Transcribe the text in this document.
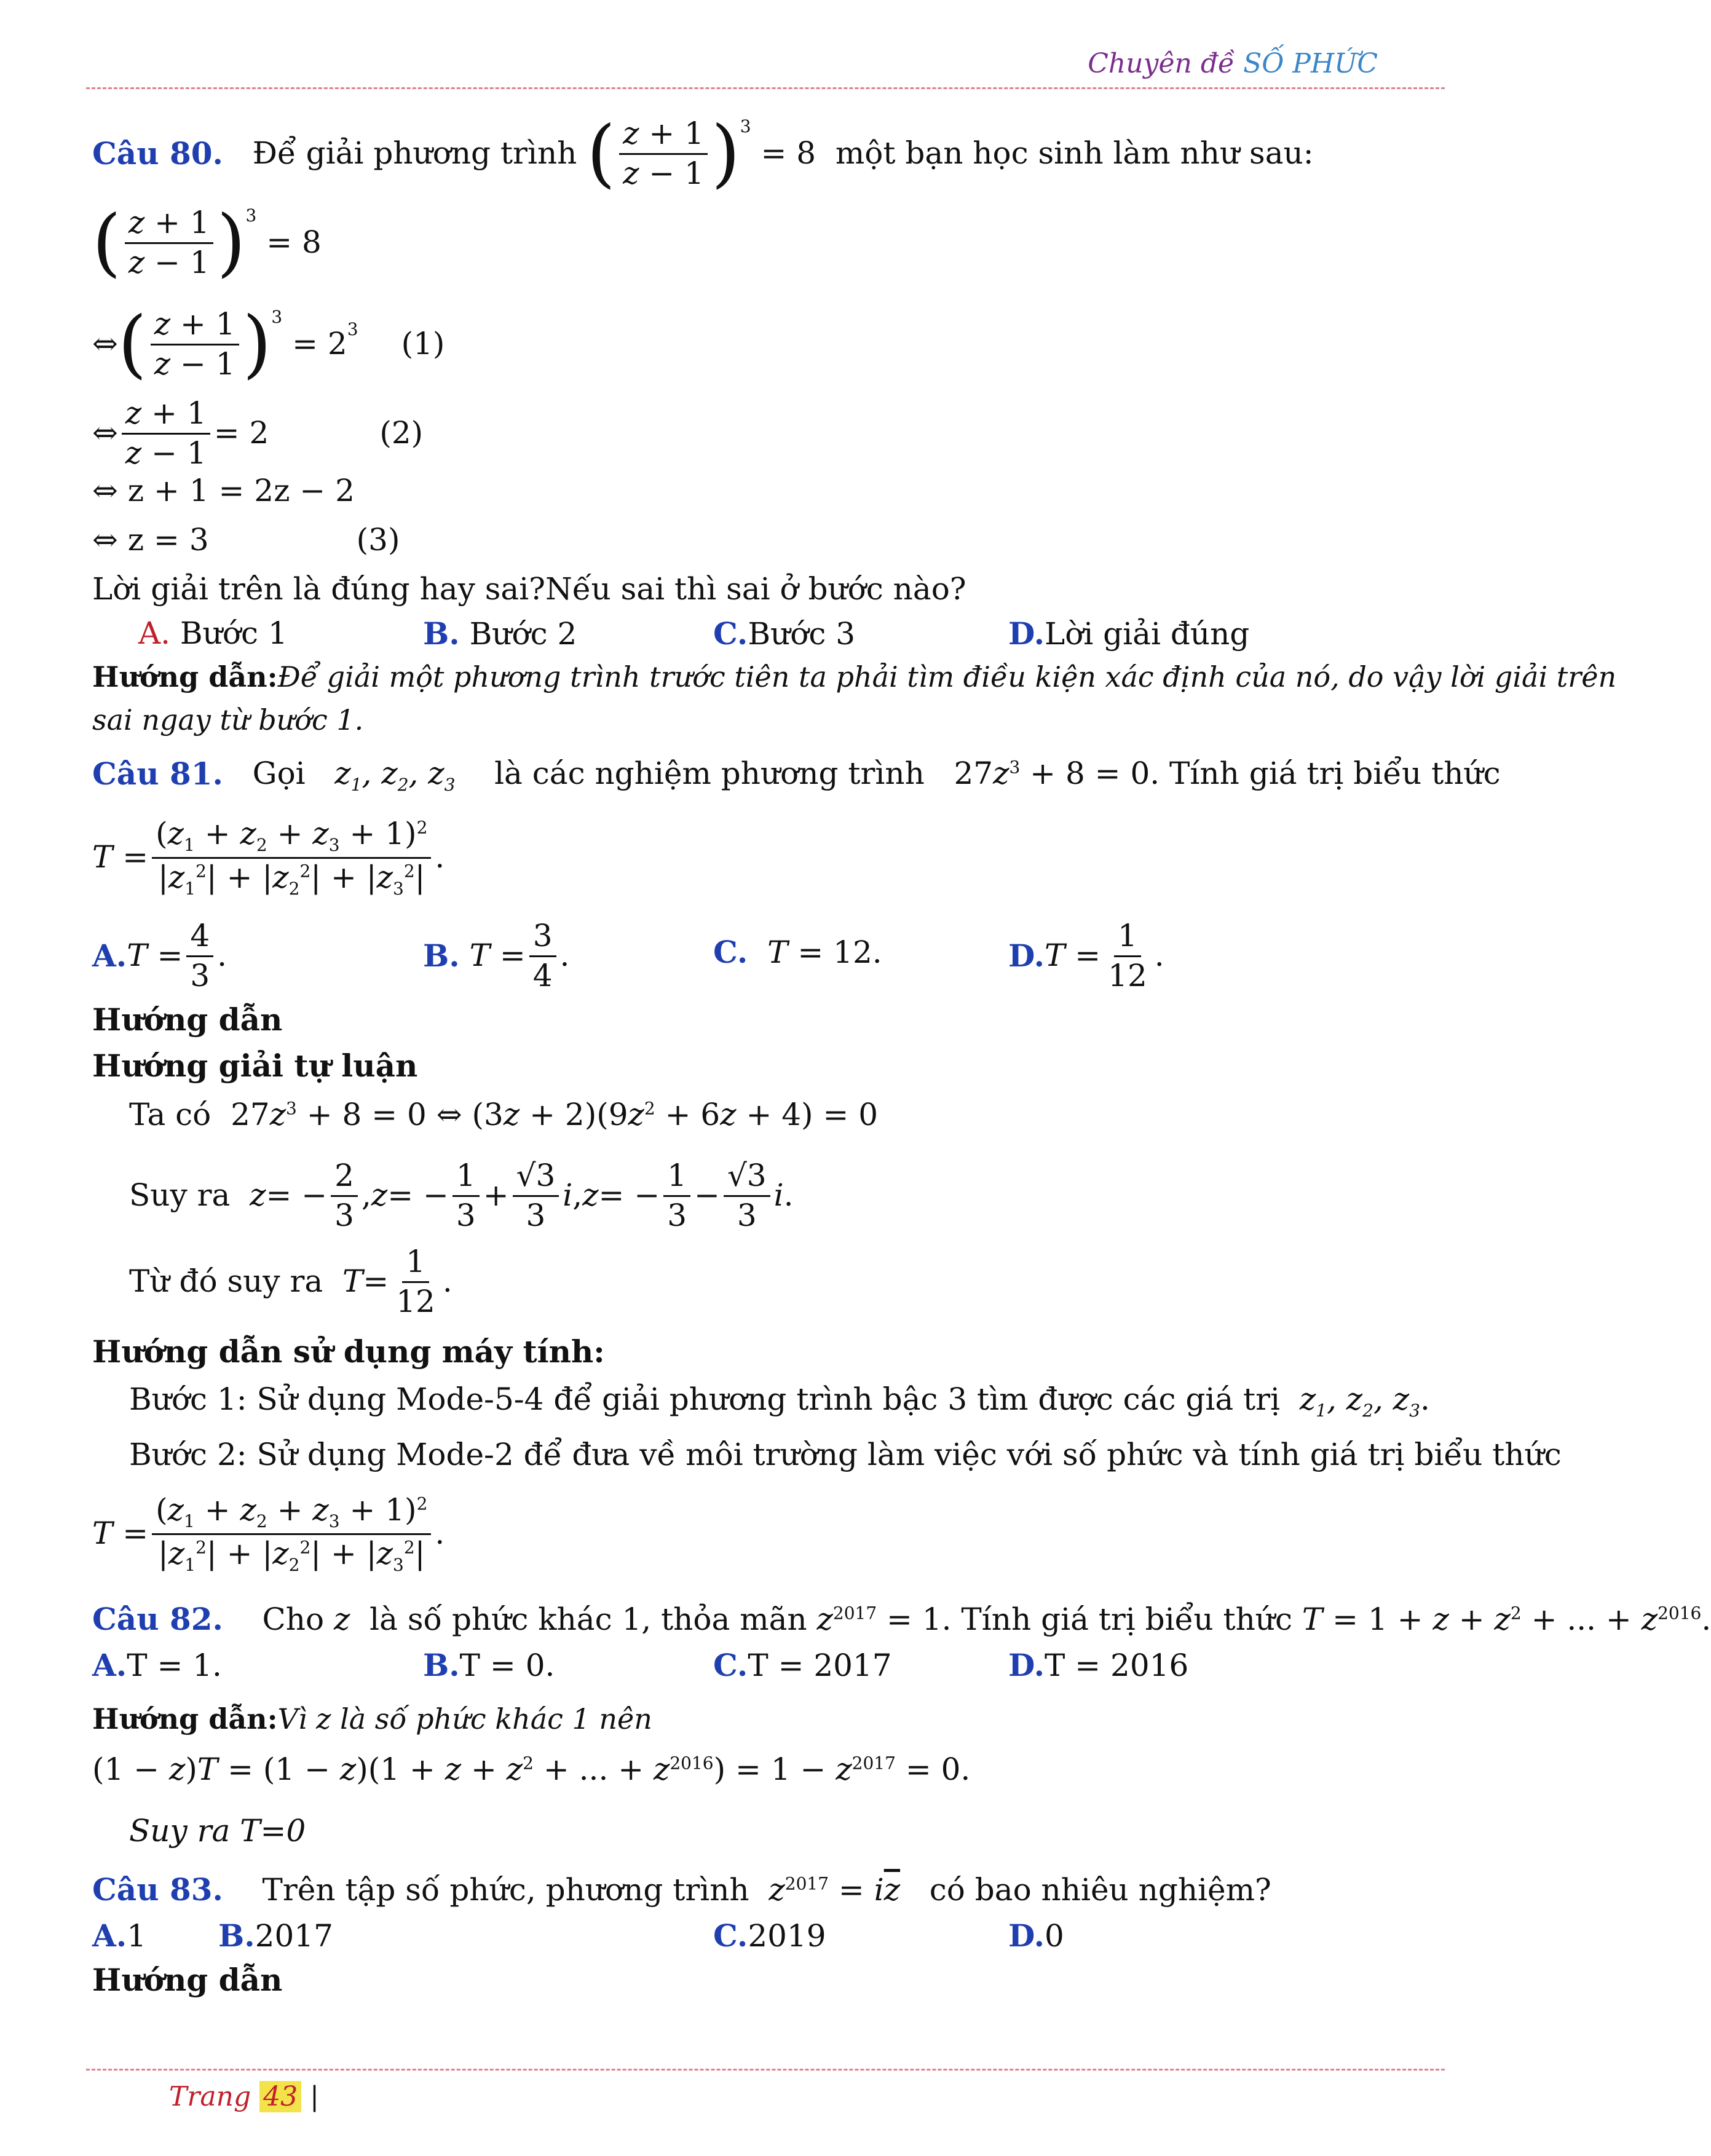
Chuyên đề SỐ PHỨC
Câu 80.
Để giải phương trình
( $\frac{z + 1}{z - 1} )^3$
= 8 một bạn học sinh làm như sau:
( $\frac{z + 1}{z - 1} )^3$
= 8
⇔ ( $\frac{z + 1}{z - 1} )^3$
= $2_3$ (1)
⇔ $\frac{z + 1}{z - 1} = 2$	(2)
⇔ z + 1 = 2z − 2
⇔ z = 3	(3)
Lời giải trên là đúng hay sai?Nếu sai thì sai ở bước nào?
A. Bước 1	B. Bước 2	C.Bước 3	D.Lời giải đúng
Hướng dẫn:Để giải một phương trình trước tiên ta phải tìm điều kiện xác định của nó, do vậy lời giải trên
sai ngay từ bước 1.
Câu 81.
Gọi
$z_1$, $z_2$, $z_3$
là các nghiệm phương trình
$27z^3 + 8 = 0$ . Tính giá trị biểu thức
$T = \frac{(z_1 + z_2 + z_3 + 1)^2}{|z_1^2| + |z_2^2| + |z_3^2|}$ .
A. $T = \frac{4}{3}$ .	B.
$T = \frac{3}{4}$ .	C. T = 12.	D. $T = \frac{1}{12}$ .
Hướng dẫn
Hướng giải tự luận
Ta có  $27z^3 + 8 = 0$ ⇔ $(3z + 2)(9z^2 + 6z + 4) = 0$
Suy ra
z = − $\frac{2}{3}$ , z = − $\frac{1}{3} + \frac{√3}{3}$ i , z = − $\frac{1}{3} - \frac{√3}{3}$ i .
Từ đó suy ra
$T = \frac{1}{12}$ .
Hướng dẫn sử dụng máy tính:
Bước 1: Sử dụng Mode-5-4 để giải phương trình bậc 3 tìm được các giá trị $z_1$, $z_2$, $z_3$.
Bước 2: Sử dụng Mode-2 để đưa về môi trường làm việc với số phức và tính giá trị biểu thức
$T = \frac{(z_1 + z_2 + z_3 + 1)^2}{|z_1^2| + |z_2^2| + |z_3^2|}$ .
Câu 82. Cho z là số phức khác 1, thỏa mãn $z^{2017} = 1$. Tính giá trị biểu thức $T = 1 + z + z^2$ + ... + $z^{2016}$.
A.T = 1.	B.T = 0.	C.T = 2017	D.T = 2016
Hướng dẫn:Vì z là số phức khác 1 nên
$(1 - z)T = (1 - z)(1 + z + z^2$ + ... + $z^{2016}) = 1 - z^{2017} = 0$.
Suy ra T=0
Câu 83. Trên tập số phức, phương trình $z^{2017} = i\overline{z}$ có bao nhiêu nghiệm?
A.1 B.2017	C.2019	D.0
Hướng dẫn
Trang 43 |
